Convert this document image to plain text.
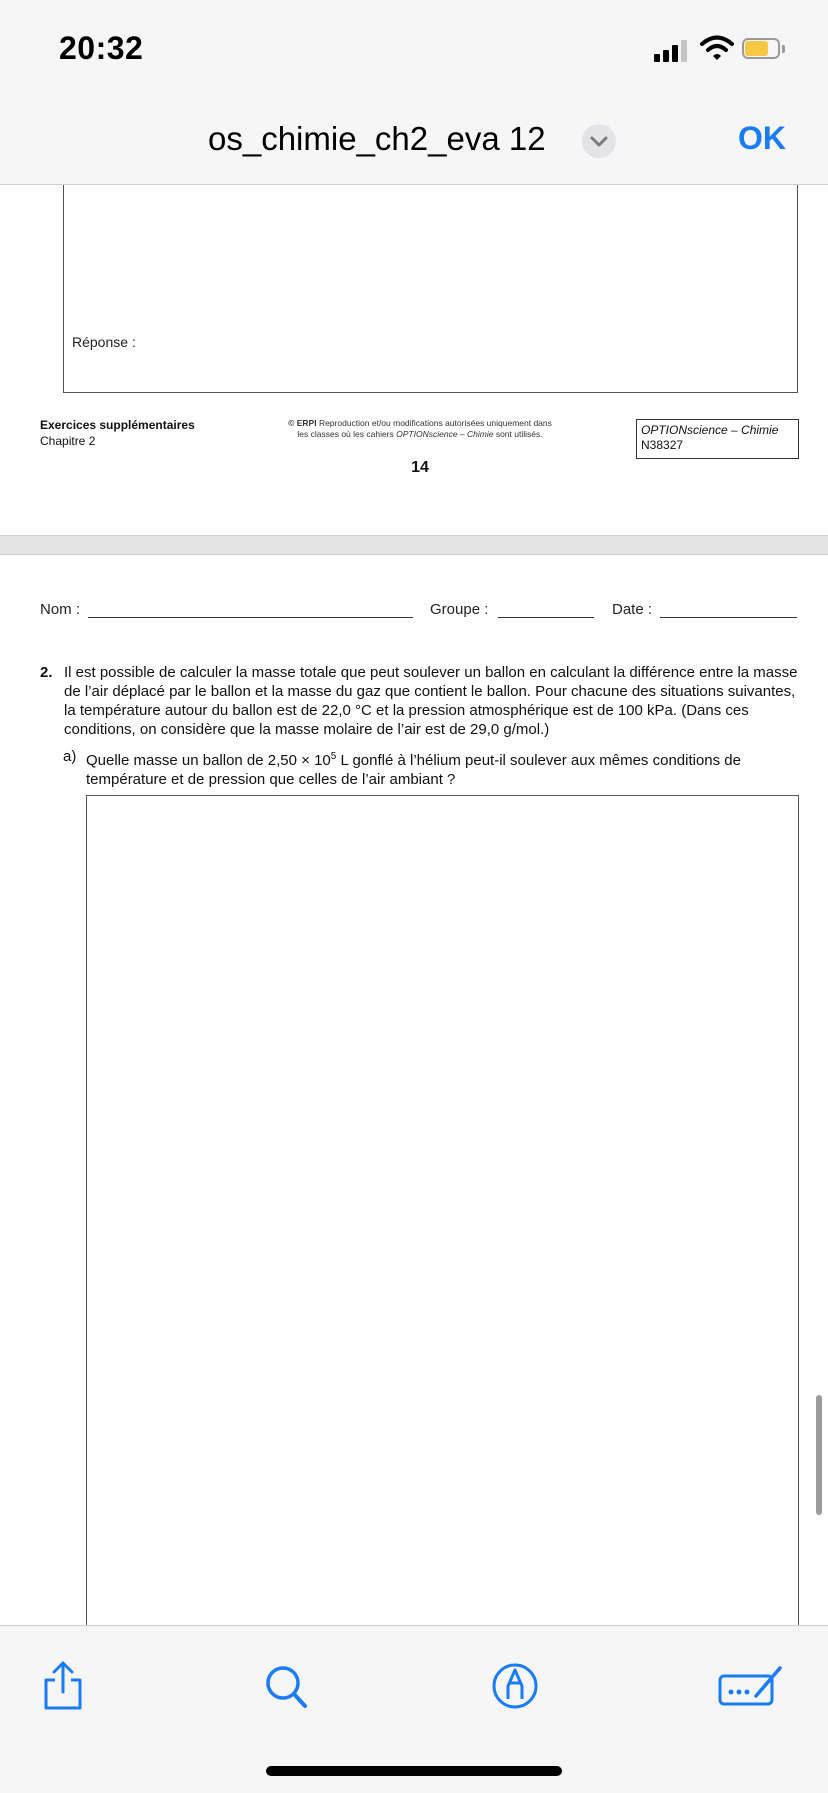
20:32
os_chimie_ch2_eva 12	OK
Réponse :
Exercices supplémentaires
Chapitre 2
© ERPI Reproduction et/ou modifications autorisées uniquement dans
les classes où les cahiers OPTIONscience – Chimie sont utilisés.	OPTIONscience – Chimie
N38327
14
Nom :	Groupe :	Date :
2. Il est possible de calculer la masse totale que peut soulever un ballon en calculant la différence entre la masse de l’air déplacé par le ballon et la masse du gaz que contient le ballon. Pour chacune des situations suivantes, la température autour du ballon est de 22,0 °C et la pression atmosphérique est de 100 kPa. (Dans ces conditions, on considère que la masse molaire de l’air est de 29,0 g/mol.)
a) Quelle masse un ballon de $2,50 \times 10^5$ L gonflé à l’hélium peut-il soulever aux mêmes conditions de température et de pression que celles de l’air ambiant ?
